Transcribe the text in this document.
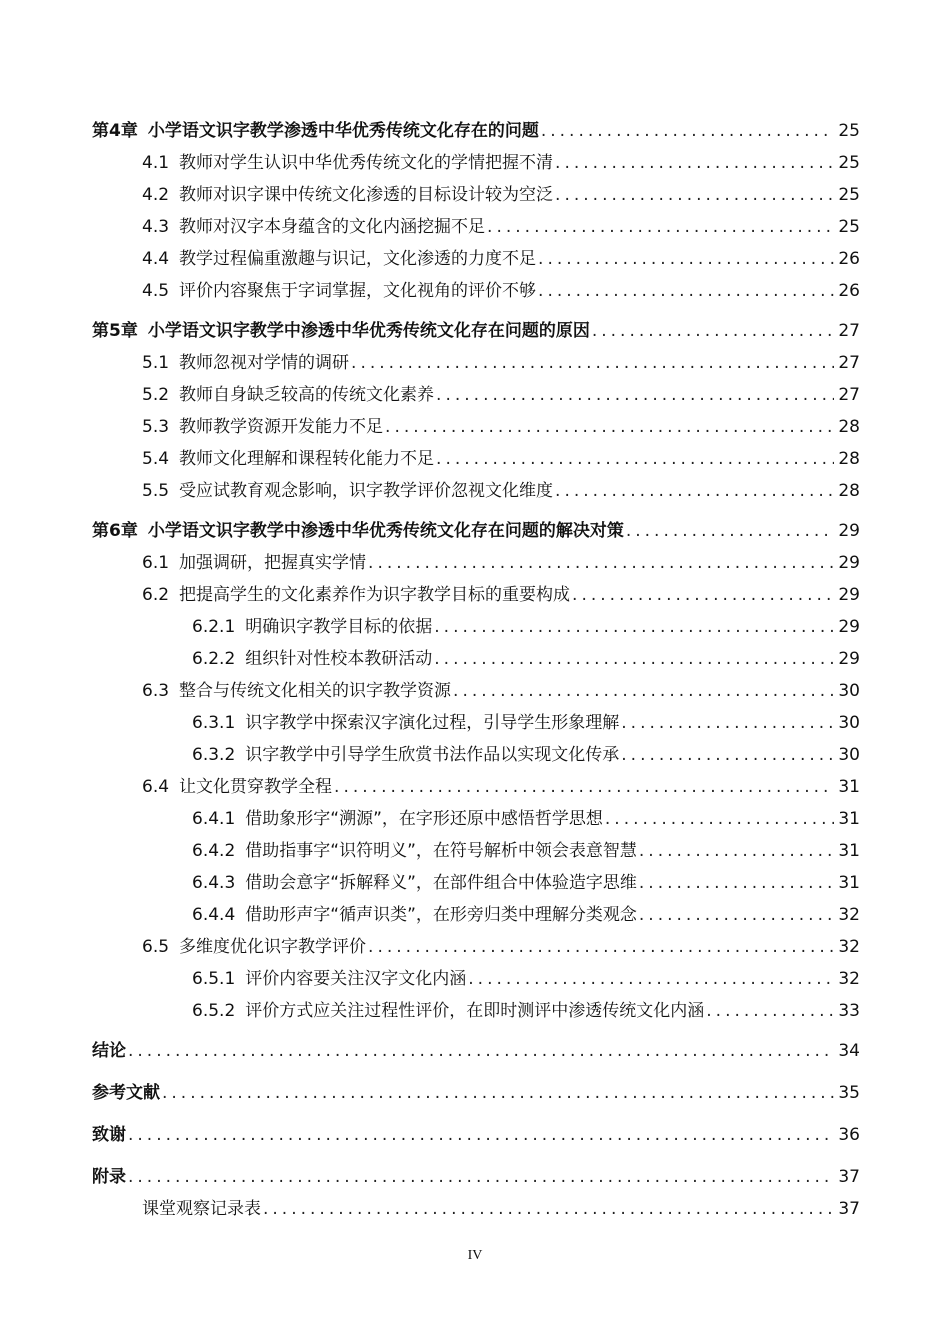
第4章 小学语文识字教学渗透中华优秀传统文化存在的问题 .....	25
4.1 教师对学生认识中华优秀传统文化的学情把握不清 .....	25
4.2 教师对识字课中传统文化渗透的目标设计较为空泛 .....	25
4.3 教师对汉字本身蕴含的文化内涵挖掘不足 .....	25
4.4 教学过程偏重激趣与识记，文化渗透的力度不足 .....	26
4.5 评价内容聚焦于字词掌握，文化视角的评价不够 .....	26
第5章 小学语文识字教学中渗透中华优秀传统文化存在问题的原因 .....	27
5.1 教师忽视对学情的调研 .....	27
5.2 教师自身缺乏较高的传统文化素养 .....	27
5.3 教师教学资源开发能力不足 .....	28
5.4 教师文化理解和课程转化能力不足 .....	28
5.5 受应试教育观念影响，识字教学评价忽视文化维度 .....	28
第6章 小学语文识字教学中渗透中华优秀传统文化存在问题的解决对策 .....	29
6.1 加强调研，把握真实学情 .....	29
6.2 把提高学生的文化素养作为识字教学目标的重要构成 .....	29
6.2.1 明确识字教学目标的依据 .....	29
6.2.2 组织针对性校本教研活动 .....	29
6.3 整合与传统文化相关的识字教学资源 .....	30
6.3.1 识字教学中探索汉字演化过程，引导学生形象理解 .....	30
6.3.2 识字教学中引导学生欣赏书法作品以实现文化传承 .....	30
6.4 让文化贯穿教学全程 .....	31
6.4.1 借助象形字“溯源”，在字形还原中感悟哲学思想 .....	31
6.4.2 借助指事字“识符明义”，在符号解析中领会表意智慧 .....	31
6.4.3 借助会意字“拆解释义”，在部件组合中体验造字思维 .....	31
6.4.4 借助形声字“循声识类”，在形旁归类中理解分类观念 .....	32
6.5 多维度优化识字教学评价 .....	32
6.5.1 评价内容要关注汉字文化内涵 .....	32
6.5.2 评价方式应关注过程性评价，在即时测评中渗透传统文化内涵 .....	33
结论 .....	34
参考文献 .....	35
致谢 .....	36
附录 .....	37
课堂观察记录表 .....	37
IV
